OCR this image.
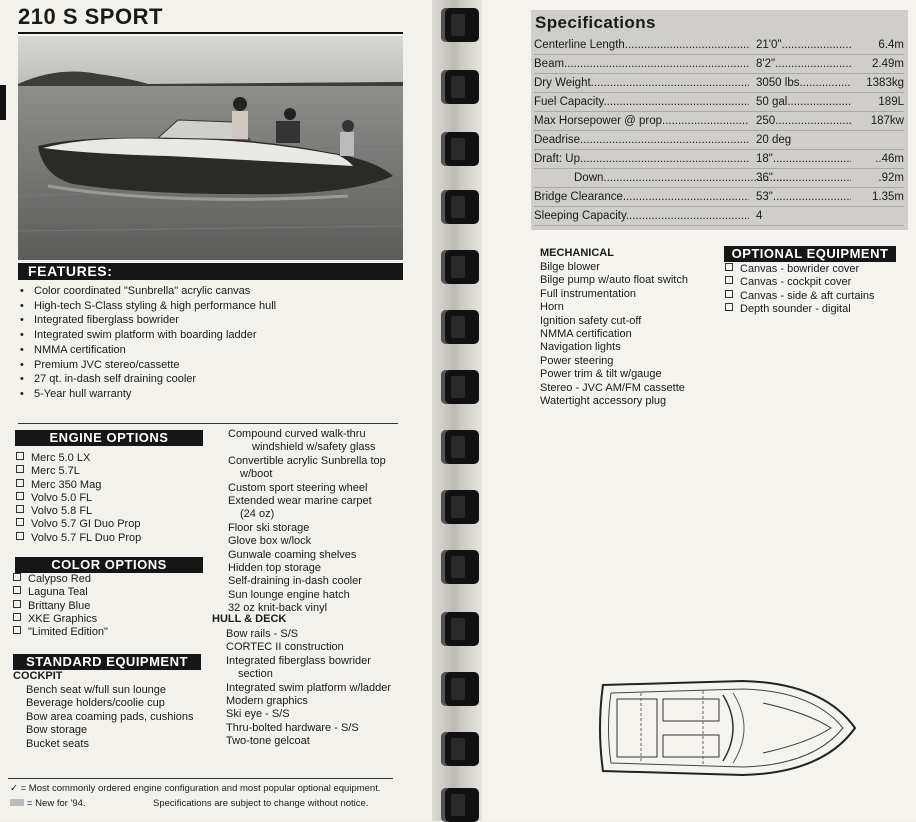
210 S SPORT
FEATURES:
• Color coordinated "Sunbrella" acrylic canvas
• High-tech S-Class styling & high performance hull
• Integrated fiberglass bowrider
• Integrated swim platform with boarding ladder
• NMMA certification
• Premium JVC stereo/cassette
• 27 qt. in-dash self draining cooler
• 5-Year hull warranty
ENGINE OPTIONS
Merc 5.0 LX
Merc 5.7L
Merc 350 Mag
Volvo 5.0 FL
Volvo 5.8 FL
Volvo 5.7 GI Duo Prop
Volvo 5.7 FL Duo Prop
COLOR OPTIONS
Calypso Red
Laguna Teal
Brittany Blue
XKE Graphics
"Limited Edition"
STANDARD EQUIPMENT
COCKPIT
Bench seat w/full sun lounge
Beverage holders/coolie cup
Bow area coaming pads, cushions
Bow storage
Bucket seats
Compound curved walk-thru
windshield w/safety glass
Convertible acrylic Sunbrella top
w/boot
Custom sport steering wheel
Extended wear marine carpet
(24 oz)
Floor ski storage
Glove box w/lock
Gunwale coaming shelves
Hidden top storage
Self-draining in-dash cooler
Sun lounge engine hatch
32 oz knit-back vinyl
HULL & DECK
Bow rails - S/S
CORTEC II construction
Integrated fiberglass bowrider
section
Integrated swim platform w/ladder
Modern graphics
Ski eye - S/S
Thru-bolted hardware - S/S
Two-tone gelcoat
✓ = Most commonly ordered engine configuration and most popular optional equipment.
= New for '94.	Specifications are subject to change without notice.
Specifications
Centerline Length .....	21'0" .....	6.4m
Beam .....	8'2" .....	2.49m
Dry Weight .....	3050 lbs .....	1383kg
Fuel Capacity .....	50 gal .....	189L
Max Horsepower @ prop .....	250 .....	187kw
Deadrise .....	20 deg
Draft: Up .....	18" .....	..46m
Down .....	36" .....	.92m
Bridge Clearance .....	53" .....	1.35m
Sleeping Capacity .....	4
MECHANICAL
Bilge blower
Bilge pump w/auto float switch
Full instrumentation
Horn
Ignition safety cut-off
NMMA certification
Navigation lights
Power steering
Power trim & tilt w/gauge
Stereo - JVC AM/FM cassette
Watertight accessory plug
OPTIONAL EQUIPMENT
Canvas - bowrider cover
Canvas - cockpit cover
Canvas - side & aft curtains
Depth sounder - digital
